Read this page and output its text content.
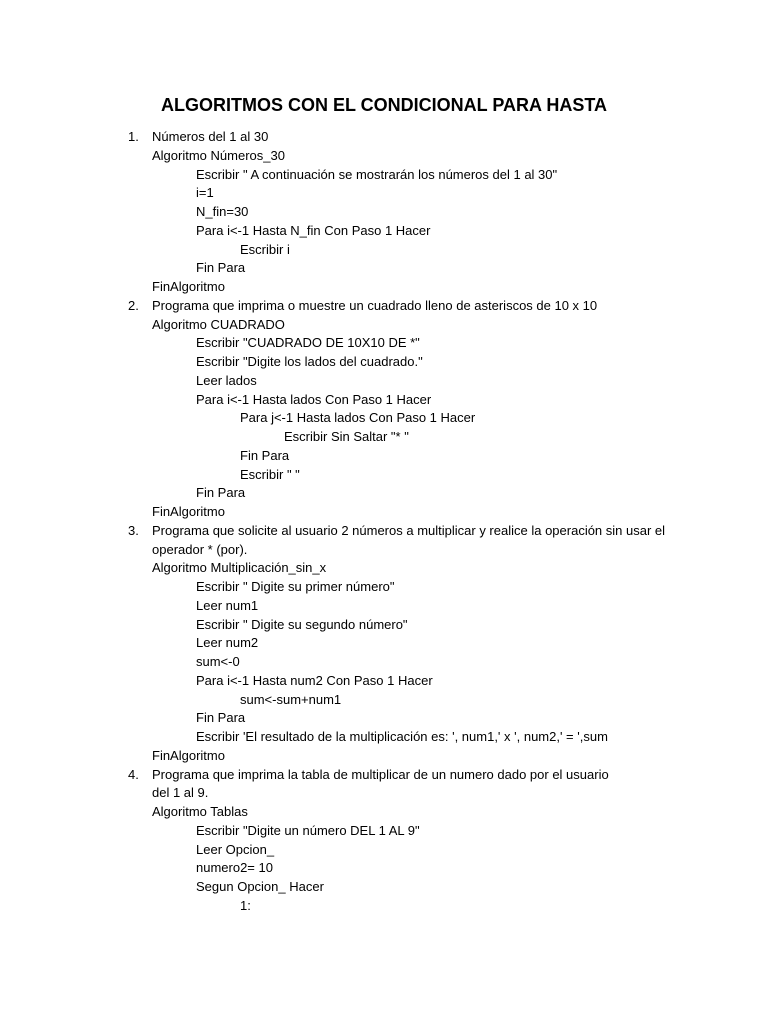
ALGORITMOS CON EL CONDICIONAL PARA HASTA
1. Números del 1 al 30
Algoritmo Números_30
Escribir " A continuación se mostrarán los números del 1 al 30"
i=1
N_fin=30
Para i<-1 Hasta N_fin Con Paso 1 Hacer
Escribir i
Fin Para
FinAlgoritmo
2. Programa que imprima o muestre un cuadrado lleno de asteriscos de 10 x 10
Algoritmo CUADRADO
Escribir "CUADRADO DE 10X10 DE *"
Escribir "Digite los lados del cuadrado."
Leer lados
Para i<-1 Hasta lados Con Paso 1 Hacer
Para j<-1 Hasta lados Con Paso 1 Hacer
Escribir Sin Saltar "* "
Fin Para
Escribir " "
Fin Para
FinAlgoritmo
3. Programa que solicite al usuario 2 números a multiplicar y realice la operación sin usar el
operador * (por).
Algoritmo Multiplicación_sin_x
Escribir " Digite su primer número"
Leer num1
Escribir " Digite su segundo número"
Leer num2
sum<-0
Para i<-1 Hasta num2 Con Paso 1 Hacer
sum<-sum+num1
Fin Para
Escribir 'El resultado de la multiplicación es: ', num1,' x ', num2,' = ',sum
FinAlgoritmo
4. Programa que imprima la tabla de multiplicar de un numero dado por el usuario
del 1 al 9.
Algoritmo Tablas
Escribir "Digite un número DEL 1 AL 9"
Leer Opcion_
numero2= 10
Segun Opcion_ Hacer
1:
